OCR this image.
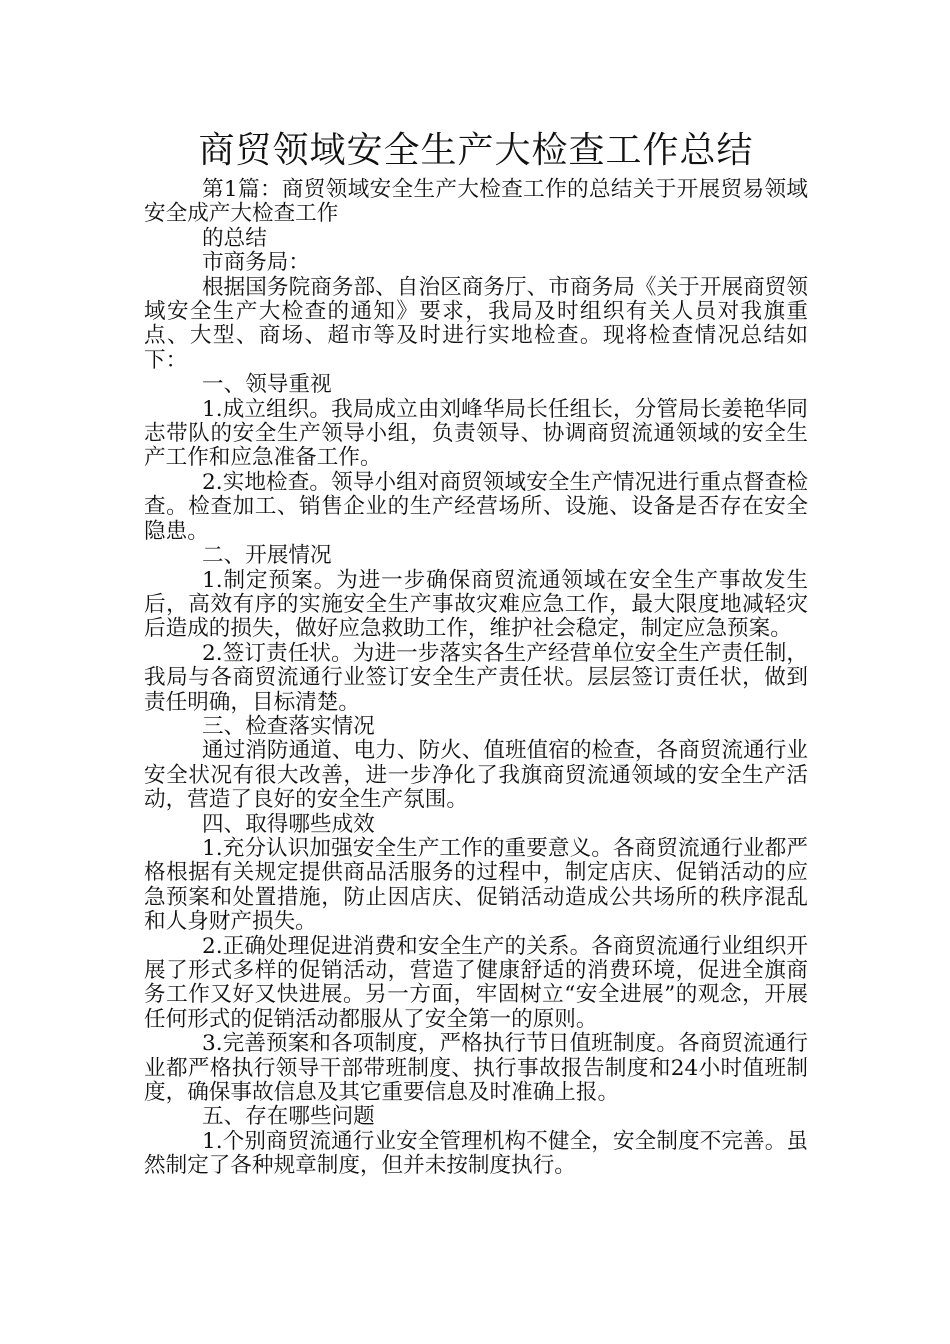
商贸领域安全生产大检查工作总结

第1篇：商贸领域安全生产大检查工作的总结关于开展贸易领域安全成产大检查工作

的总结

市商务局：

根据国务院商务部、自治区商务厅、市商务局《关于开展商贸领域安全生产大检查的通知》要求，我局及时组织有关人员对我旗重点、大型、商场、超市等及时进行实地检查。现将检查情况总结如下：

一、领导重视

1.成立组织。我局成立由刘峰华局长任组长，分管局长姜艳华同志带队的安全生产领导小组，负责领导、协调商贸流通领域的安全生产工作和应急准备工作。

2.实地检查。领导小组对商贸领域安全生产情况进行重点督查检查。检查加工、销售企业的生产经营场所、设施、设备是否存在安全隐患。

二、开展情况

1.制定预案。为进一步确保商贸流通领域在安全生产事故发生后，高效有序的实施安全生产事故灾难应急工作，最大限度地减轻灾后造成的损失，做好应急救助工作，维护社会稳定，制定应急预案。

2.签订责任状。为进一步落实各生产经营单位安全生产责任制，我局与各商贸流通行业签订安全生产责任状。层层签订责任状，做到责任明确，目标清楚。

三、检查落实情况

通过消防通道、电力、防火、值班值宿的检查，各商贸流通行业安全状况有很大改善，进一步净化了我旗商贸流通领域的安全生产活动，营造了良好的安全生产氛围。

四、取得哪些成效

1.充分认识加强安全生产工作的重要意义。各商贸流通行业都严格根据有关规定提供商品活服务的过程中，制定店庆、促销活动的应急预案和处置措施，防止因店庆、促销活动造成公共场所的秩序混乱和人身财产损失。

2.正确处理促进消费和安全生产的关系。各商贸流通行业组织开展了形式多样的促销活动，营造了健康舒适的消费环境，促进全旗商务工作又好又快进展。另一方面，牢固树立“安全进展”的观念，开展任何形式的促销活动都服从了安全第一的原则。

3.完善预案和各项制度，严格执行节日值班制度。各商贸流通行业都严格执行领导干部带班制度、执行事故报告制度和24小时值班制度，确保事故信息及其它重要信息及时准确上报。

五、存在哪些问题

1.个别商贸流通行业安全管理机构不健全，安全制度不完善。虽然制定了各种规章制度，但并未按制度执行。
